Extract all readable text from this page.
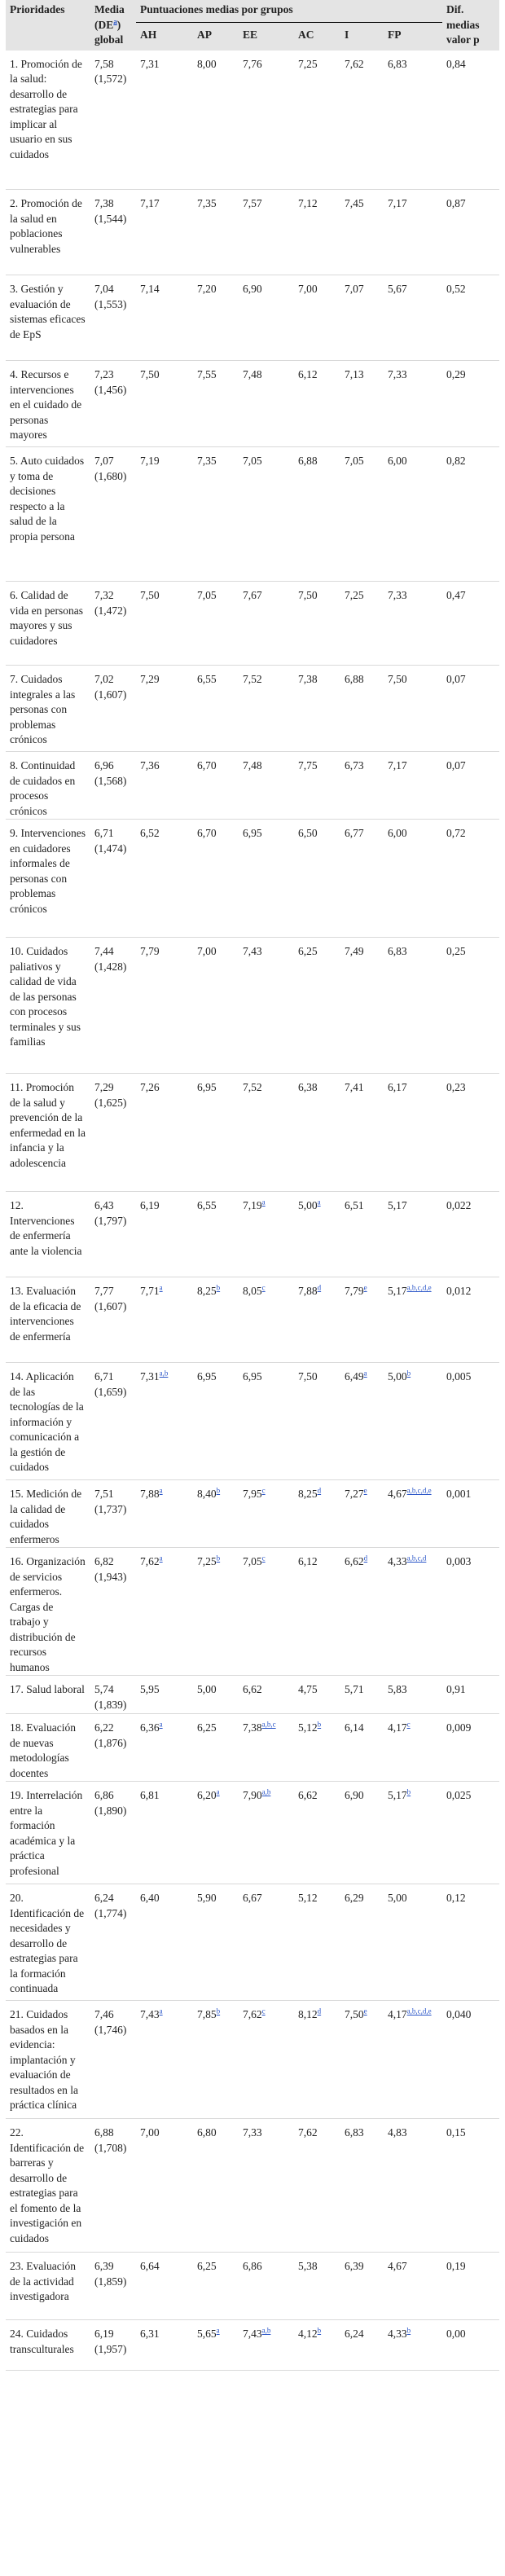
Prioridades	Media $(DE^a)$ global	Puntuaciones medias por grupos						Dif. medias valor p
		AH	AP	EE	AC	I	FP	
1. Promoción de la salud: desarrollo de estrategias para implicar al usuario en sus cuidados	7,58 (1,572)	7,31	8,00	7,76	7,25	7,62	6,83	0,84
2. Promoción de la salud en poblaciones vulnerables	7,38 (1,544)	7,17	7,35	7,57	7,12	7,45	7,17	0,87
3. Gestión y evaluación de sistemas eficaces de EpS	7,04 (1,553)	7,14	7,20	6,90	7,00	7,07	5,67	0,52
4. Recursos e intervenciones en el cuidado de personas mayores	7,23 (1,456)	7,50	7,55	7,48	6,12	7,13	7,33	0,29
5. Auto cuidados y toma de decisiones respecto a la salud de la propia persona	7,07 (1,680)	7,19	7,35	7,05	6,88	7,05	6,00	0,82
6. Calidad de vida en personas mayores y sus cuidadores	7,32 (1,472)	7,50	7,05	7,67	7,50	7,25	7,33	0,47
7. Cuidados integrales a las personas con problemas crónicos	7,02 (1,607)	7,29	6,55	7,52	7,38	6,88	7,50	0,07
8. Continuidad de cuidados en procesos crónicos	6,96 (1,568)	7,36	6,70	7,48	7,75	6,73	7,17	0,07
9. Intervenciones en cuidadores informales de personas con problemas crónicos	6,71 (1,474)	6,52	6,70	6,95	6,50	6,77	6,00	0,72
10. Cuidados paliativos y calidad de vida de las personas con procesos terminales y sus familias	7,44 (1,428)	7,79	7,00	7,43	6,25	7,49	6,83	0,25
11. Promoción de la salud y prevención de la enfermedad en la infancia y la adolescencia	7,29 (1,625)	7,26	6,95	7,52	6,38	7,41	6,17	0,23
12. Intervenciones de enfermería ante la violencia	6,43 (1,797)	6,19	6,55	7,19$^a$	5,00$^a$	6,51	5,17	0,022
13. Evaluación de la eficacia de intervenciones de enfermería	7,77 (1,607)	7,71$^a$	8,25$^b$	8,05$^c$	7,88$^d$	7,79e	5,17$^{a,b,c,d,e}$	0,012
14. Aplicación de las tecnologías de la información y comunicación a la gestión de cuidados	6,71 (1,659)	7,31$^{a,b}$	6,95	6,95	7,50	6,49$^a$	5,00$^b$	0,005
15. Medición de la calidad de cuidados enfermeros	7,51 (1,737)	7,88$^a$	8,40$^b$	7,95$^c$	8,25$^d$	7,27e	4,67$^{a,b,c,d,e}$	0,001
16. Organización de servicios enfermeros. Cargas de trabajo y distribución de recursos humanos	6,82 (1,943)	7,62$^a$	7,25$^b$	7,05$^c$	6,12	6,62$^d$	4,33$^{a,b,c,d}$	0,003
17. Salud laboral	5,74 (1,839)	5,95	5,00	6,62	4,75	5,71	5,83	0,91
18. Evaluación de nuevas metodologías docentes	6,22 (1,876)	6,36$^a$	6,25	7,38$^{a,b,c}$	5,12$^b$	6,14	4,17$^c$	0,009
19. Interrelación entre la formación académica y la práctica profesional	6,86 (1,890)	6,81	6,20$^a$	7,90$^{a,b}$	6,62	6,90	5,17$^b$	0,025
20. Identificación de necesidades y desarrollo de estrategias para la formación continuada	6,24 (1,774)	6,40	5,90	6,67	5,12	6,29	5,00	0,12
21. Cuidados basados en la evidencia: implantación y evaluación de resultados en la práctica clínica	7,46 (1,746)	7,43$^a$	7,85$^b$	7,62$^c$	8,12$^d$	7,50e	4,17$^{a,b,c,d,e}$	0,040
22. Identificación de barreras y desarrollo de estrategias para el fomento de la investigación en cuidados	6,88 (1,708)	7,00	6,80	7,33	7,62	6,83	4,83	0,15
23. Evaluación de la actividad investigadora	6,39 (1,859)	6,64	6,25	6,86	5,38	6,39	4,67	0,19
24. Cuidados transculturales	6,19 (1,957)	6,31	5,65$^a$	7,43$^{a,b}$	4,12$^b$	6,24	4,33$^b$	0,00
